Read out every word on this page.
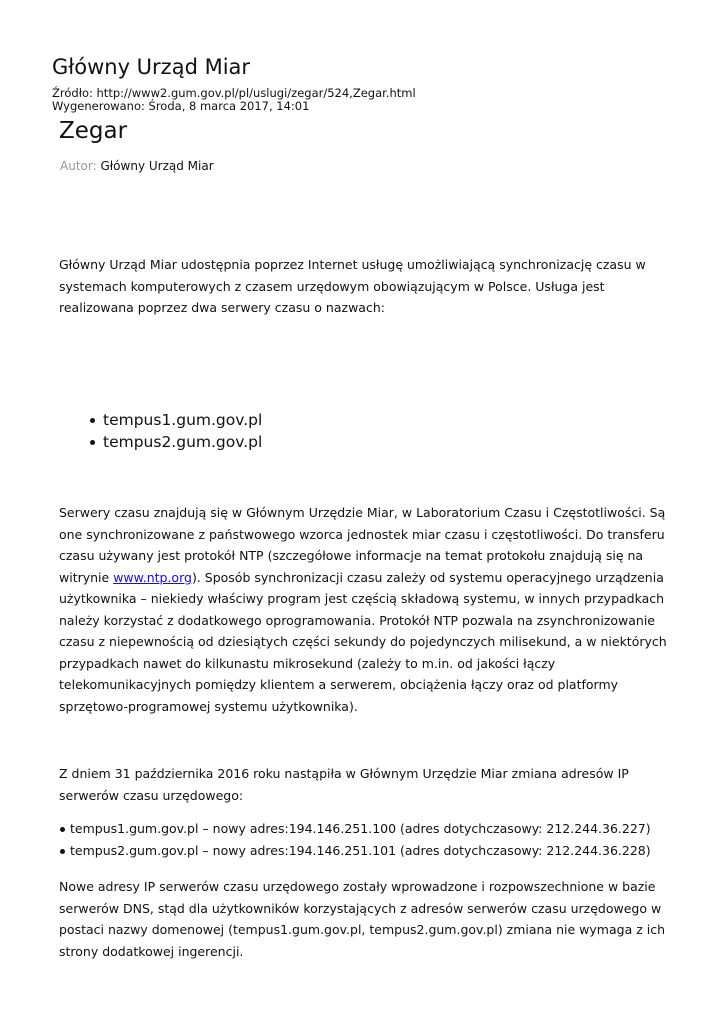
Główny Urząd Miar
Źródło: http://www2.gum.gov.pl/pl/uslugi/zegar/524,Zegar.html
Wygenerowano: Środa, 8 marca 2017, 14:01
Zegar
Autor: Główny Urząd Miar

Główny Urząd Miar udostępnia poprzez Internet usługę umożliwiającą synchronizację czasu w systemach komputerowych z czasem urzędowym obowiązującym w Polsce. Usługa jest realizowana poprzez dwa serwery czasu o nazwach:

tempus1.gum.gov.pl
tempus2.gum.gov.pl

Serwery czasu znajdują się w Głównym Urzędzie Miar, w Laboratorium Czasu i Częstotliwości. Są one synchronizowane z państwowego wzorca jednostek miar czasu i częstotliwości. Do transferu czasu używany jest protokół NTP (szczegółowe informacje na temat protokołu znajdują się na witrynie www.ntp.org). Sposób synchronizacji czasu zależy od systemu operacyjnego urządzenia użytkownika – niekiedy właściwy program jest częścią składową systemu, w innych przypadkach należy korzystać z dodatkowego oprogramowania. Protokół NTP pozwala na zsynchronizowanie czasu z niepewnością od dziesiątych części sekundy do pojedynczych milisekund, a w niektórych przypadkach nawet do kilkunastu mikrosekund (zależy to m.in. od jakości łączy telekomunikacyjnych pomiędzy klientem a serwerem, obciążenia łączy oraz od platformy sprzętowo-programowej systemu użytkownika).

Z dniem 31 października 2016 roku nastąpiła w Głównym Urzędzie Miar zmiana adresów IP serwerów czasu urzędowego:

tempus1.gum.gov.pl – nowy adres:194.146.251.100 (adres dotychczasowy: 212.244.36.227)
tempus2.gum.gov.pl – nowy adres:194.146.251.101 (adres dotychczasowy: 212.244.36.228)

Nowe adresy IP serwerów czasu urzędowego zostały wprowadzone i rozpowszechnione w bazie serwerów DNS, stąd dla użytkowników korzystających z adresów serwerów czasu urzędowego w postaci nazwy domenowej (tempus1.gum.gov.pl, tempus2.gum.gov.pl) zmiana nie wymaga z ich strony dodatkowej ingerencji.
